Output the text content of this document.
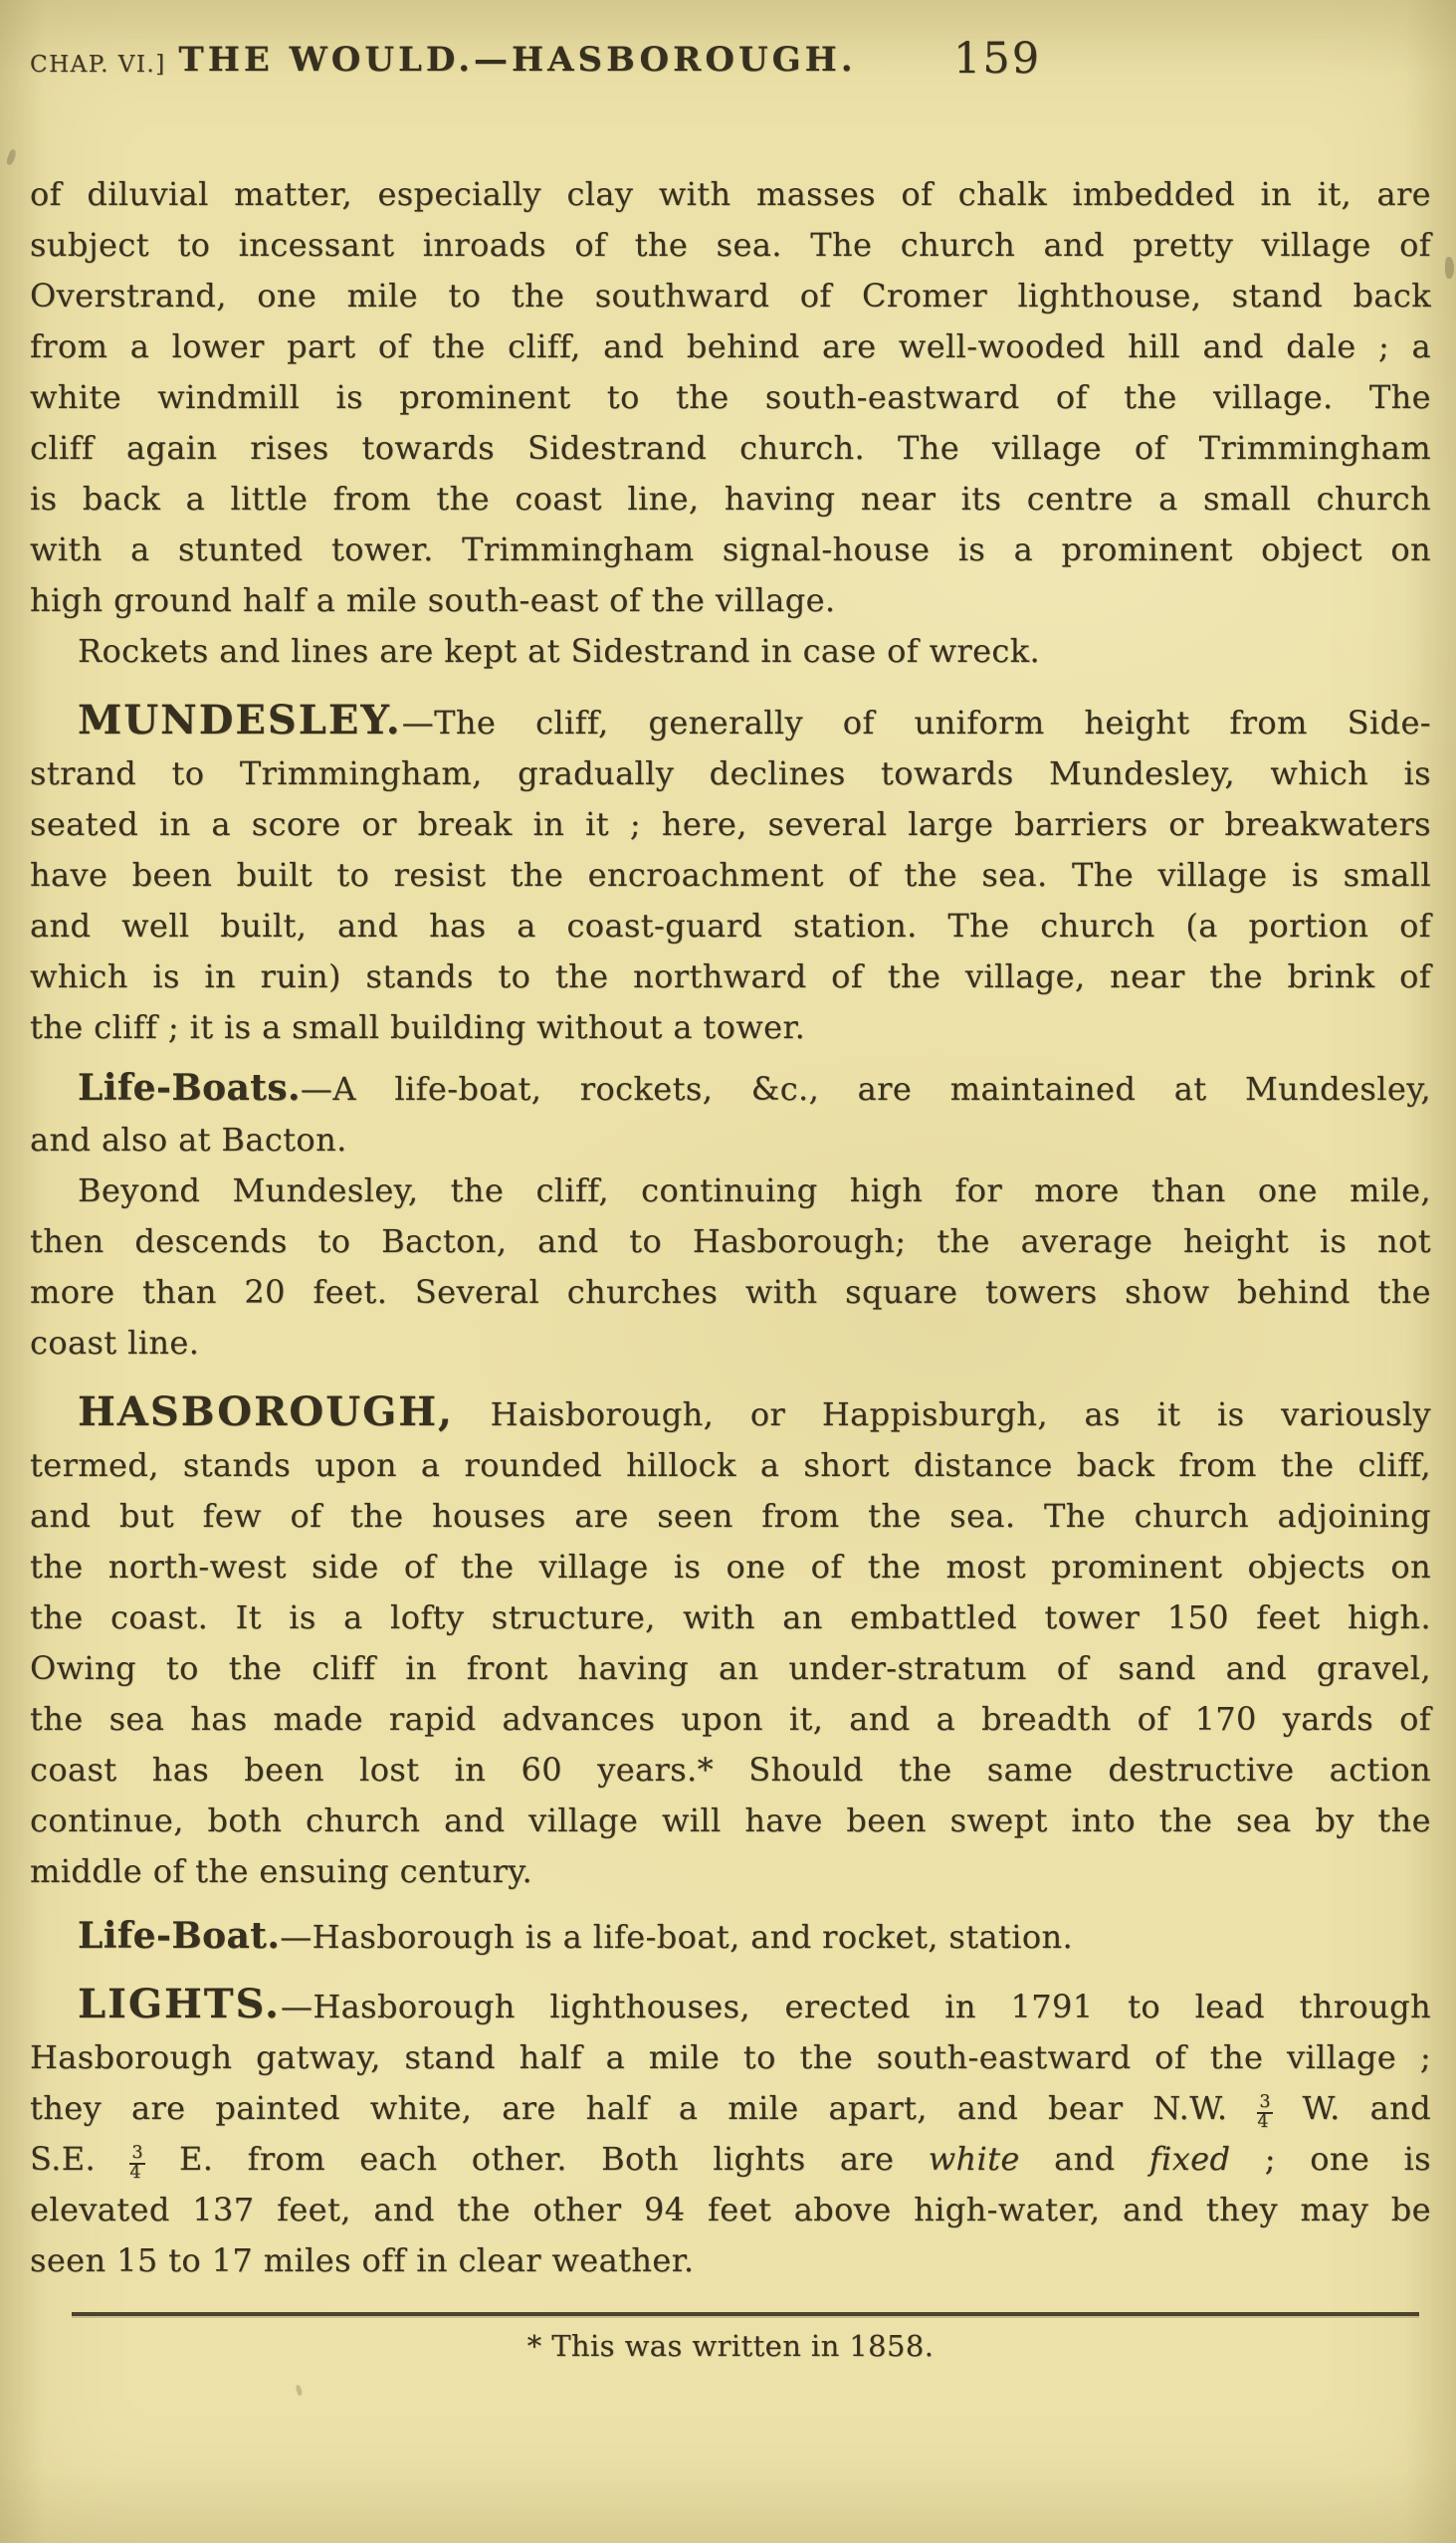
CHAP. VI.] THE WOULD.—HASBOROUGH. 159
of diluvial matter, especially clay with masses of chalk imbedded in it, are
subject to incessant inroads of the sea. The church and pretty village of
Overstrand, one mile to the southward of Cromer lighthouse, stand back
from a lower part of the cliff, and behind are well-wooded hill and dale ; a
white windmill is prominent to the south-eastward of the village. The
cliff again rises towards Sidestrand church. The village of Trimmingham
is back a little from the coast line, having near its centre a small church
with a stunted tower. Trimmingham signal-house is a prominent object on
high ground half a mile south-east of the village.
Rockets and lines are kept at Sidestrand in case of wreck.
MUNDESLEY.—The cliff, generally of uniform height from Side-
strand to Trimmingham, gradually declines towards Mundesley, which is
seated in a score or break in it ; here, several large barriers or breakwaters
have been built to resist the encroachment of the sea. The village is small
and well built, and has a coast-guard station. The church (a portion of
which is in ruin) stands to the northward of the village, near the brink of
the cliff ; it is a small building without a tower.
Life-Boats.—A life-boat, rockets, &c., are maintained at Mundesley,
and also at Bacton.
Beyond Mundesley, the cliff, continuing high for more than one mile,
then descends to Bacton, and to Hasborough; the average height is not
more than 20 feet. Several churches with square towers show behind the
coast line.
HASBOROUGH, Haisborough, or Happisburgh, as it is variously
termed, stands upon a rounded hillock a short distance back from the cliff,
and but few of the houses are seen from the sea. The church adjoining
the north-west side of the village is one of the most prominent objects on
the coast. It is a lofty structure, with an embattled tower 150 feet high.
Owing to the cliff in front having an under-stratum of sand and gravel,
the sea has made rapid advances upon it, and a breadth of 170 yards of
coast has been lost in 60 years.* Should the same destructive action
continue, both church and village will have been swept into the sea by the
middle of the ensuing century.
Life-Boat.—Hasborough is a life-boat, and rocket, station.
LIGHTS.—Hasborough lighthouses, erected in 1791 to lead through
Hasborough gatway, stand half a mile to the south-eastward of the village ;
they are painted white, are half a mile apart, and bear N.W. $\frac{3}{4} W$. and
S.E. $\frac{3}{4} E$. from each other. Both lights are white and fixed ; one is
elevated 137 feet, and the other 94 feet above high-water, and they may be
seen 15 to 17 miles off in clear weather.
* This was written in 1858.
